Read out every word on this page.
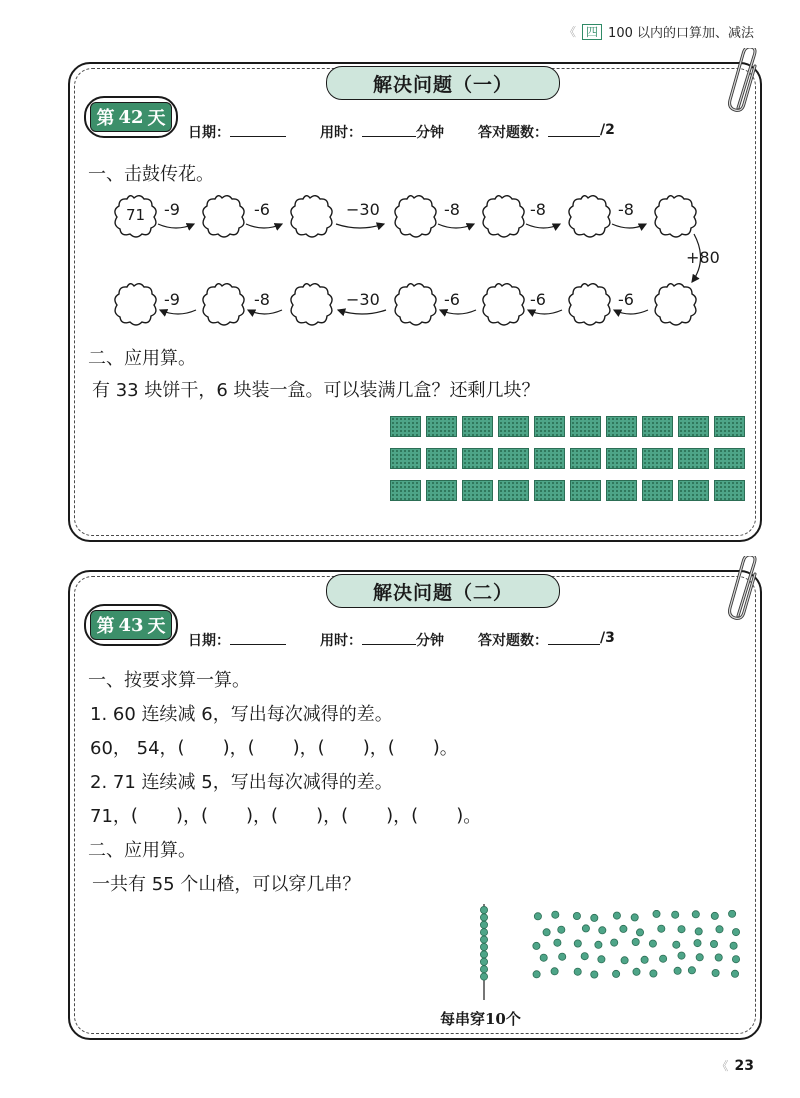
《 四 100 以内的口算加、减法
解决问题（一）
第 42 天
日期：	用时：	分钟 答对题数：	/2
一、击鼓传花。
71 -9	-6	−30	-8	-8	-8
+80
-9	-8	−30	-6	-6	-6
二、应用算。
有 33 块饼干，6 块装一盒。可以装满几盒？还剩几块？
解决问题（二）
第 43 天
日期：	用时：	分钟 答对题数：	/3
一、按要求算一算。
1. 60 连续减 6，写出每次减得的差。
60， 54， ( ) ， ( ) ， ( ) ， ( ) 。
2. 71 连续减 5，写出每次减得的差。
71， ( ) ， ( ) ， ( ) ， ( ) ， ( ) 。
二、应用算。
一共有 55 个山楂，可以穿几串？
每串穿10个
《 23
